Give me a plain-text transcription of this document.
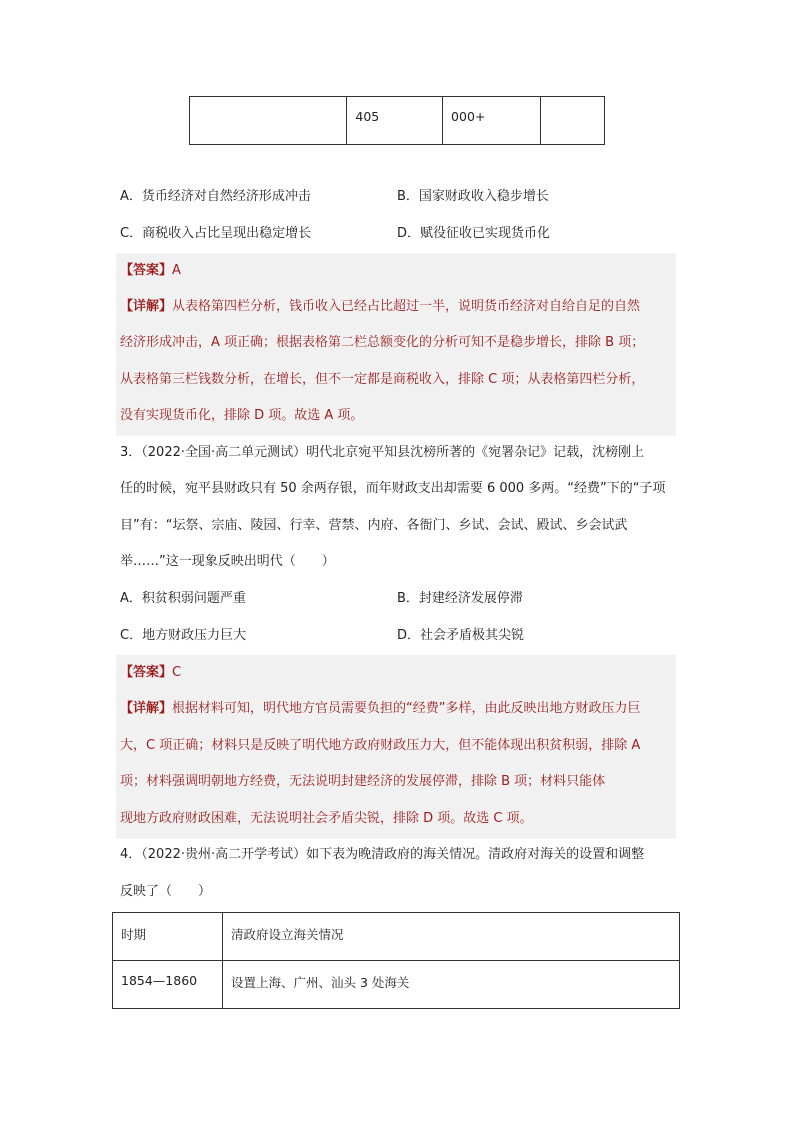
	405	000+	
A．货币经济对自然经济形成冲击	B．国家财政收入稳步增长
C．商税收入占比呈现出稳定增长	D．赋役征收已实现货币化
【答案】A
【详解】从表格第四栏分析，钱币收入已经占比超过一半，说明货币经济对自给自足的自然
经济形成冲击，A 项正确；根据表格第二栏总额变化的分析可知不是稳步增长，排除 B 项；
从表格第三栏钱数分析，在增长，但不一定都是商税收入，排除 C 项；从表格第四栏分析，
没有实现货币化，排除 D 项。故选 A 项。
3．（2022·全国·高二单元测试）明代北京宛平知县沈榜所著的《宛署杂记》记载，沈榜刚上
任的时候，宛平县财政只有 50 余两存银，而年财政支出却需要 6 000 多两。“经费”下的“子项
目”有：“坛祭、宗庙、陵园、行幸、营禁、内府、各衙门、乡试、会试、殿试、乡会试武
举……”这一现象反映出明代（　　）
A．积贫积弱问题严重	B．封建经济发展停滞
C．地方财政压力巨大	D．社会矛盾极其尖锐
【答案】C
【详解】根据材料可知，明代地方官员需要负担的“经费”多样，由此反映出地方财政压力巨
大，C 项正确；材料只是反映了明代地方政府财政压力大，但不能体现出积贫积弱，排除 A
项；材料强调明朝地方经费，无法说明封建经济的发展停滞，排除 B 项；材料只能体
现地方政府财政困难，无法说明社会矛盾尖锐，排除 D 项。故选 C 项。
4．（2022·贵州·高二开学考试）如下表为晚清政府的海关情况。清政府对海关的设置和调整
反映了（　　）
时期	清政府设立海关情况
1854—1860	设置上海、广州、汕头 3 处海关
